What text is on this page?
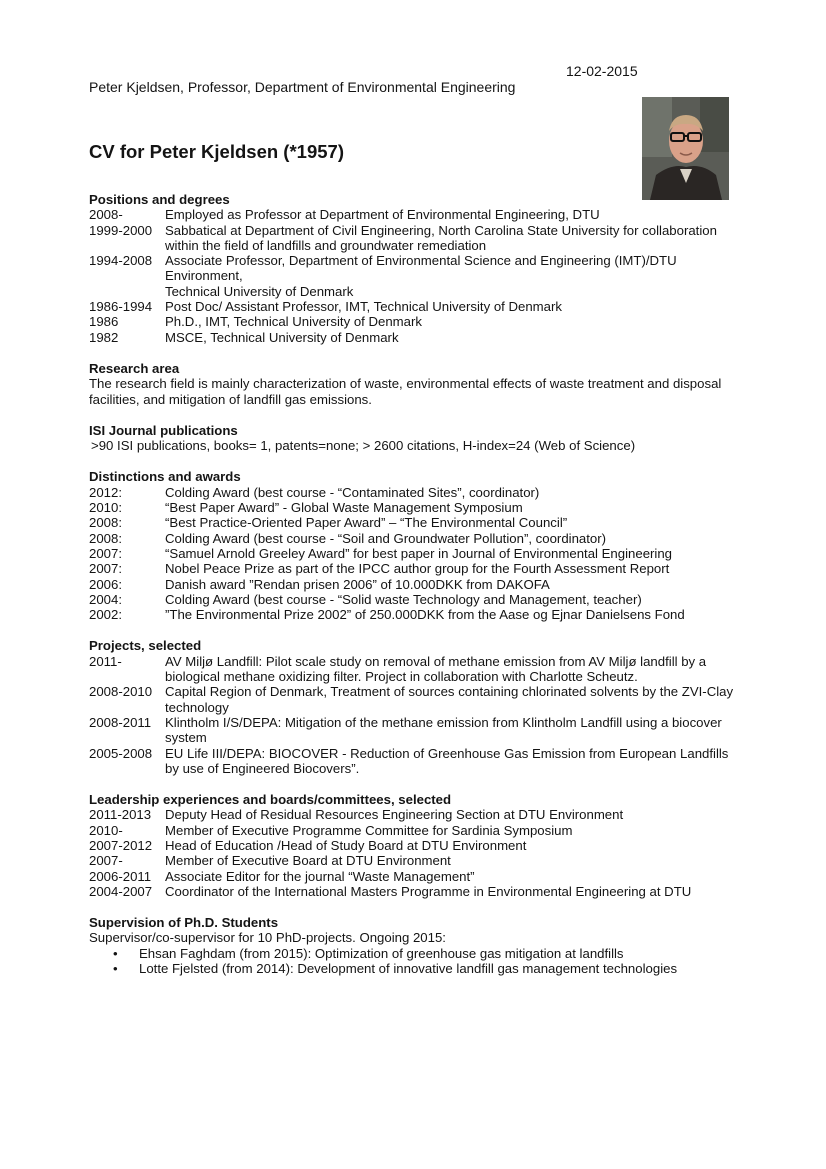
12-02-2015
Peter Kjeldsen, Professor, Department of Environmental Engineering
CV for Peter Kjeldsen (*1957)
Positions and degrees
2008-	Employed as Professor at Department of Environmental Engineering, DTU
1999-2000 Sabbatical at Department of Civil Engineering, North Carolina State University for collaboration within the field of landfills and groundwater remediation
1994-2008 Associate Professor, Department of Environmental Science and Engineering (IMT)/DTU Environment,
Technical University of Denmark
1986-1994 Post Doc/ Assistant Professor, IMT, Technical University of Denmark
1986	Ph.D., IMT, Technical University of Denmark
1982	MSCE, Technical University of Denmark
Research area

The research field is mainly characterization of waste, environmental effects of waste treatment and disposal facilities, and mitigation of landfill gas emissions.

ISI Journal publications

>90 ISI publications, books= 1, patents=none; > 2600 citations, H-index=24 (Web of Science)

Distinctions and awards
2012:	Colding Award (best course - “Contaminated Sites”, coordinator)
2010:	“Best Paper Award” - Global Waste Management Symposium
2008:	“Best Practice-Oriented Paper Award” – “The Environmental Council”
2008:	Colding Award (best course - “Soil and Groundwater Pollution”, coordinator)
2007:	“Samuel Arnold Greeley Award” for best paper in Journal of Environmental Engineering
2007:	Nobel Peace Prize as part of the IPCC author group for the Fourth Assessment Report
2006:	Danish award ”Rendan prisen 2006” of 10.000DKK from DAKOFA
2004:	Colding Award (best course - “Solid waste Technology and Management, teacher)
2002:	”The Environmental Prize 2002” of 250.000DKK from the Aase og Ejnar Danielsens Fond
Projects, selected
2011-	AV Miljø Landfill: Pilot scale study on removal of methane emission from AV Miljø landfill by a biological methane oxidizing filter. Project in collaboration with Charlotte Scheutz.
2008-2010 Capital Region of Denmark, Treatment of sources containing chlorinated solvents by the ZVI-Clay technology
2008-2011	Klintholm I/S/DEPA: Mitigation of the methane emission from Klintholm Landfill using a biocover system
2005-2008 EU Life III/DEPA: BIOCOVER - Reduction of Greenhouse Gas Emission from European Landfills by use of Engineered Biocovers”.
Leadership experiences and boards/committees, selected
2011-2013	Deputy Head of Residual Resources Engineering Section at DTU Environment
2010-	Member of Executive Programme Committee for Sardinia Symposium
2007-2012 Head of Education /Head of Study Board at DTU Environment
2007-	Member of Executive Board at DTU Environment
2006-2011	Associate Editor for the journal “Waste Management”
2004-2007 Coordinator of the International Masters Programme in Environmental Engineering at DTU
Supervision of Ph.D. Students

Supervisor/co-supervisor for 10 PhD-projects. Ongoing 2015:

•	Ehsan Faghdam (from 2015): Optimization of greenhouse gas mitigation at landfills
•	Lotte Fjelsted (from 2014): Development of innovative landfill gas management technologies
